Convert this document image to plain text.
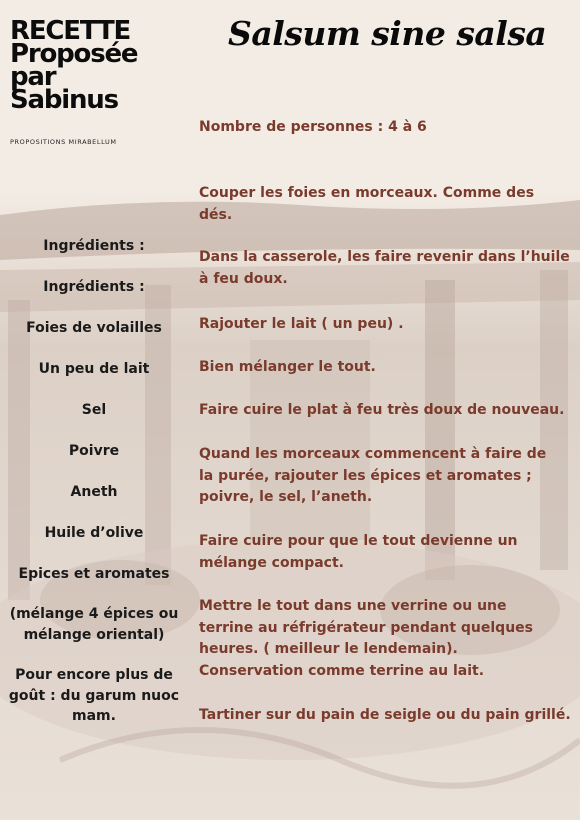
RECETTE
Proposée
par
Sabinus
PROPOSITIONS MIRABELLUM
Salsum sine salsa
Nombre de personnes : 4 à 6
Ingrédients :
Ingrédients :
Foies de volailles
Un peu de lait
Sel
Poivre
Aneth
Huile d’olive
Epices et aromates
(mélange 4 épices ou mélange oriental)
Pour encore plus de goût : du garum nuoc mam.
Couper les foies en morceaux. Comme des dés.
Dans la casserole, les faire revenir dans l’huile à feu doux.
Rajouter le lait ( un peu) .
Bien mélanger le tout.
Faire cuire le plat à feu très doux de nouveau.
Quand les morceaux commencent à faire de la purée, rajouter les épices et aromates ; poivre, le sel, l’aneth.
Faire cuire pour que le tout devienne un mélange compact.
Mettre le tout dans une verrine ou une terrine au réfrigérateur pendant quelques heures. ( meilleur le lendemain). Conservation comme terrine au lait.
Tartiner sur du pain de seigle ou du pain grillé.
